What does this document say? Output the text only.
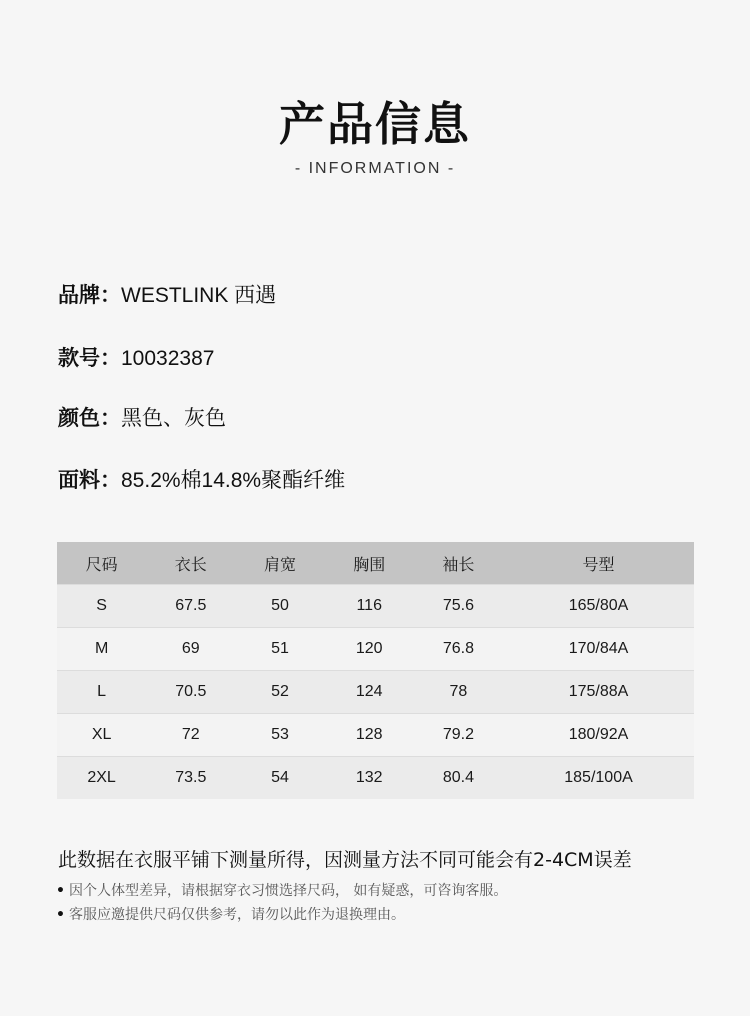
产品信息
- INFORMATION -
品牌：WESTLINK 西遇
款号：10032387
颜色：黑色、灰色
面料：85.2%棉14.8%聚酯纤维
尺码	衣长	肩宽	胸围	袖长	号型
S	67.5	50	116	75.6	165/80A
M	69	51	120	76.8	170/84A
L	70.5	52	124	78	175/88A
XL	72	53	128	79.2	180/92A
2XL	73.5	54	132	80.4	185/100A
此数据在衣服平铺下测量所得，因测量方法不同可能会有2-4CM误差
• 因个人体型差异，请根据穿衣习惯选择尺码， 如有疑惑，可咨询客服。
• 客服应邀提供尺码仅供参考，请勿以此作为退换理由。
